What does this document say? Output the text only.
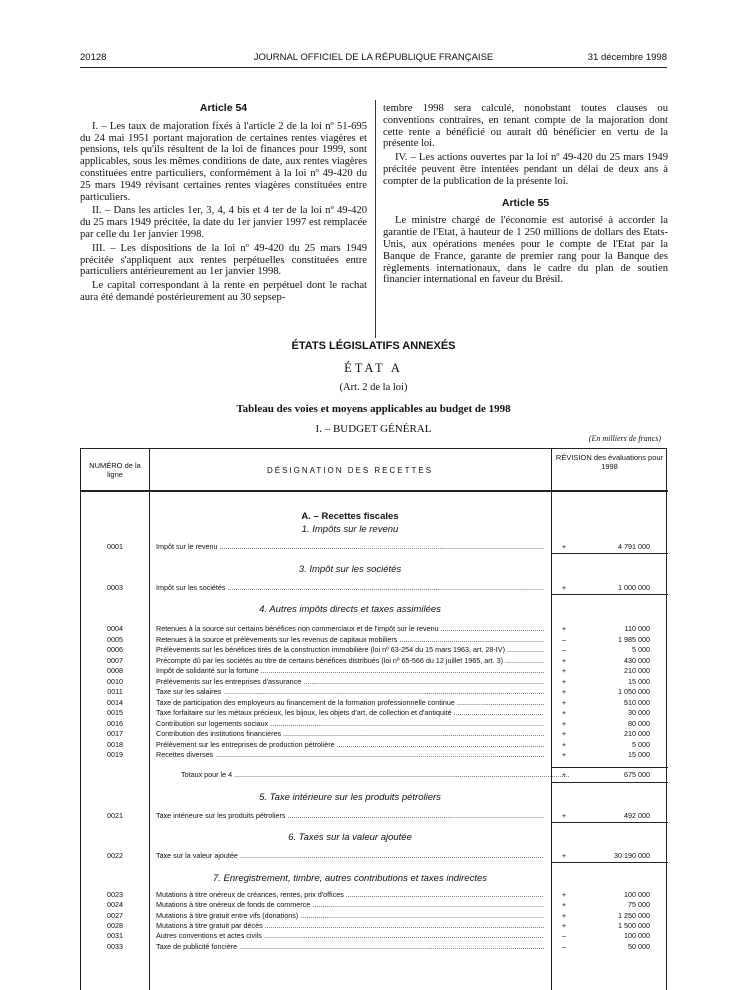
20128	JOURNAL OFFICIEL DE LA RÉPUBLIQUE FRANÇAISE	31 décembre 1998
Article 54

I. – Les taux de majoration fixés à l'article 2 de la loi nº 51-695 du 24 mai 1951 portant majoration de certaines rentes viagères et pensions, tels qu'ils résultent de la loi de finances pour 1999, sont applicables, sous les mêmes conditions de date, aux rentes viagères constituées entre particuliers, conformément à la loi nº 49-420 du 25 mars 1949 révisant certaines rentes viagères constituées entre particuliers.

II. – Dans les articles 1er, 3, 4, 4 bis et 4 ter de la loi nº 49-420 du 25 mars 1949 précitée, la date du 1er janvier 1997 est remplacée par celle du 1er janvier 1998.

III. – Les dispositions de la loi nº 49-420 du 25 mars 1949 précitée s'appliquent aux rentes perpétuelles constituées entre particuliers antérieurement au 1er janvier 1998.

Le capital correspondant à la rente en perpétuel dont le rachat aura été demandé postérieurement au 30 sepsep-

tembre 1998 sera calculé, nonobstant toutes clauses ou conventions contraires, en tenant compte de la majoration dont cette rente a bénéficié ou aurait dû bénéficier en vertu de la présente loi.

IV. – Les actions ouvertes par la loi nº 49-420 du 25 mars 1949 précitée peuvent être intentées pendant un délai de deux ans à compter de la publication de la présente loi.

Article 55

Le ministre chargé de l'économie est autorisé à accorder la garantie de l'Etat, à hauteur de 1 250 millions de dollars des Etats-Unis, aux opérations menées pour le compte de l'Etat par la Banque de France, garante de premier rang pour la Banque des règlements internationaux, dans le cadre du plan de soutien financier international en faveur du Brésil.

ÉTATS LÉGISLATIFS ANNEXÉS
ÉTAT A
(Art. 2 de la loi)
Tableau des voies et moyens applicables au budget de 1998
I. – BUDGET GÉNÉRAL
(En milliers de francs)
NUMÉRO de la ligne	DÉSIGNATION DES RECETTES
RÉVISION des évaluations pour 1998
A. – Recettes fiscales
1. Impôts sur le revenu
0001	Impôt sur le revenu .....	+	4 791 000
3. Impôt sur les sociétés
0003	Impôt sur les sociétés .....	+	1 000 000
4. Autres impôts directs et taxes assimilées
0004	Retenues à la source sur certains bénéfices non commerciaux et de l'impôt sur le revenu .....	+	110 000
0005	Retenues à la source et prélèvements sur les revenus de capitaux mobiliers .....	–	1 985 000
0006	Prélèvements sur les bénéfices tirés de la construction immobilière (loi nº 63-254 du 15 mars 1963, art. 28-IV) .....	–	5 000
0007	Précompte dû par les sociétés au titre de certains bénéfices distribués (loi nº 65-566 du 12 juillet 1965, art. 3) .....	+	430 000
0008	Impôt de solidarité sur la fortune .....	+	210 000
0010	Prélèvements sur les entreprises d'assurance .....	+	15 000
0011	Taxe sur les salaires .....	+	1 050 000
0014	Taxe de participation des employeurs au financement de la formation professionnelle continue .....	+	510 000
0015	Taxe forfaitaire sur les métaux précieux, les bijoux, les objets d'art, de collection et d'antiquité .....	+	30 000
0016	Contribution sur logements sociaux .....	+	80 000
0017	Contribution des institutions financières .....	+	210 000
0018	Prélèvement sur les entreprises de production pétrolière .....	+	5 000
0019	Recettes diverses .....	+	15 000
Totaux pour le 4 .....	+	675 000
5. Taxe intérieure sur les produits pétroliers
0021	Taxe intérieure sur les produits pétroliers .....	+	492 000
6. Taxes sur la valeur ajoutée
0022	Taxe sur la valeur ajoutée .....	+	30 190 000
7. Enregistrement, timbre, autres contributions et taxes indirectes
0023	Mutations à titre onéreux de créances, rentes, prix d'offices .....	+	100 000
0024	Mutations à titre onéreux de fonds de commerce .....	+	75 000
0027	Mutations à titre gratuit entre vifs (donations) .....	+	1 250 000
0028	Mutations à titre gratuit par décès .....	+	1 500 000
0031	Autres conventions et actes civils .....	–	100 000
0033	Taxe de publicité foncière .....	–	50 000
